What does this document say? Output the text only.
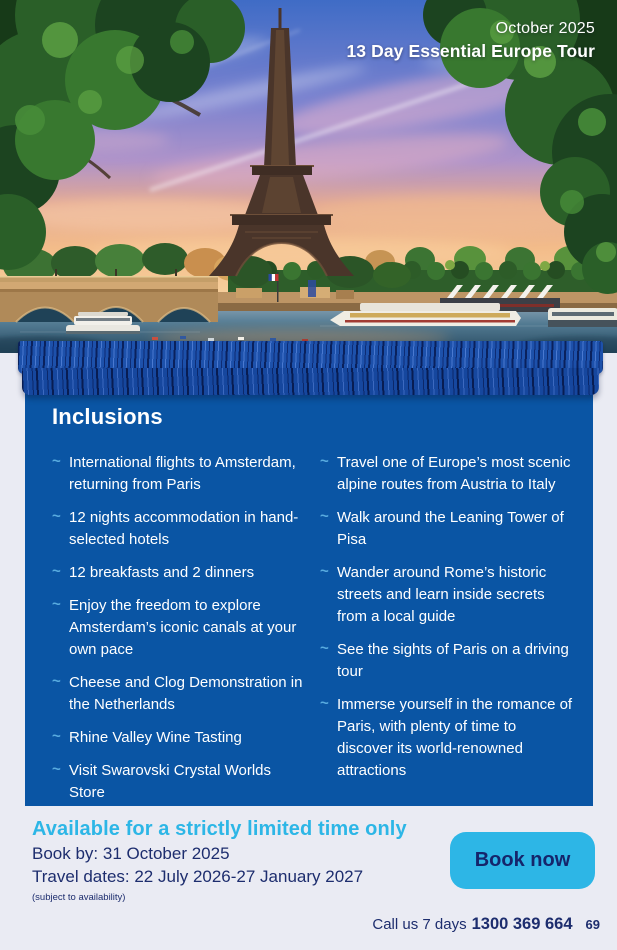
October 2025
13 Day Essential Europe Tour
Inclusions
~ International flights to Amsterdam, returning from Paris
~ 12 nights accommodation in hand-selected hotels
~ 12 breakfasts and 2 dinners
~ Enjoy the freedom to explore Amsterdam’s iconic canals at your own pace
~ Cheese and Clog Demonstration in the Netherlands
~ Rhine Valley Wine Tasting
~ Visit Swarovski Crystal Worlds Store
~ Travel one of Europe’s most scenic alpine routes from Austria to Italy
~ Walk around the Leaning Tower of Pisa
~ Wander around Rome’s historic streets and learn inside secrets from a local guide
~ See the sights of Paris on a driving tour
~ Immerse yourself in the romance of Paris, with plenty of time to discover its world-renowned attractions
Available for a strictly limited time only
Book by: 31 October 2025
Travel dates: 22 July 2026-27 January 2027
(subject to availability)
Book now
Call us 7 days 1300 369 664 69
